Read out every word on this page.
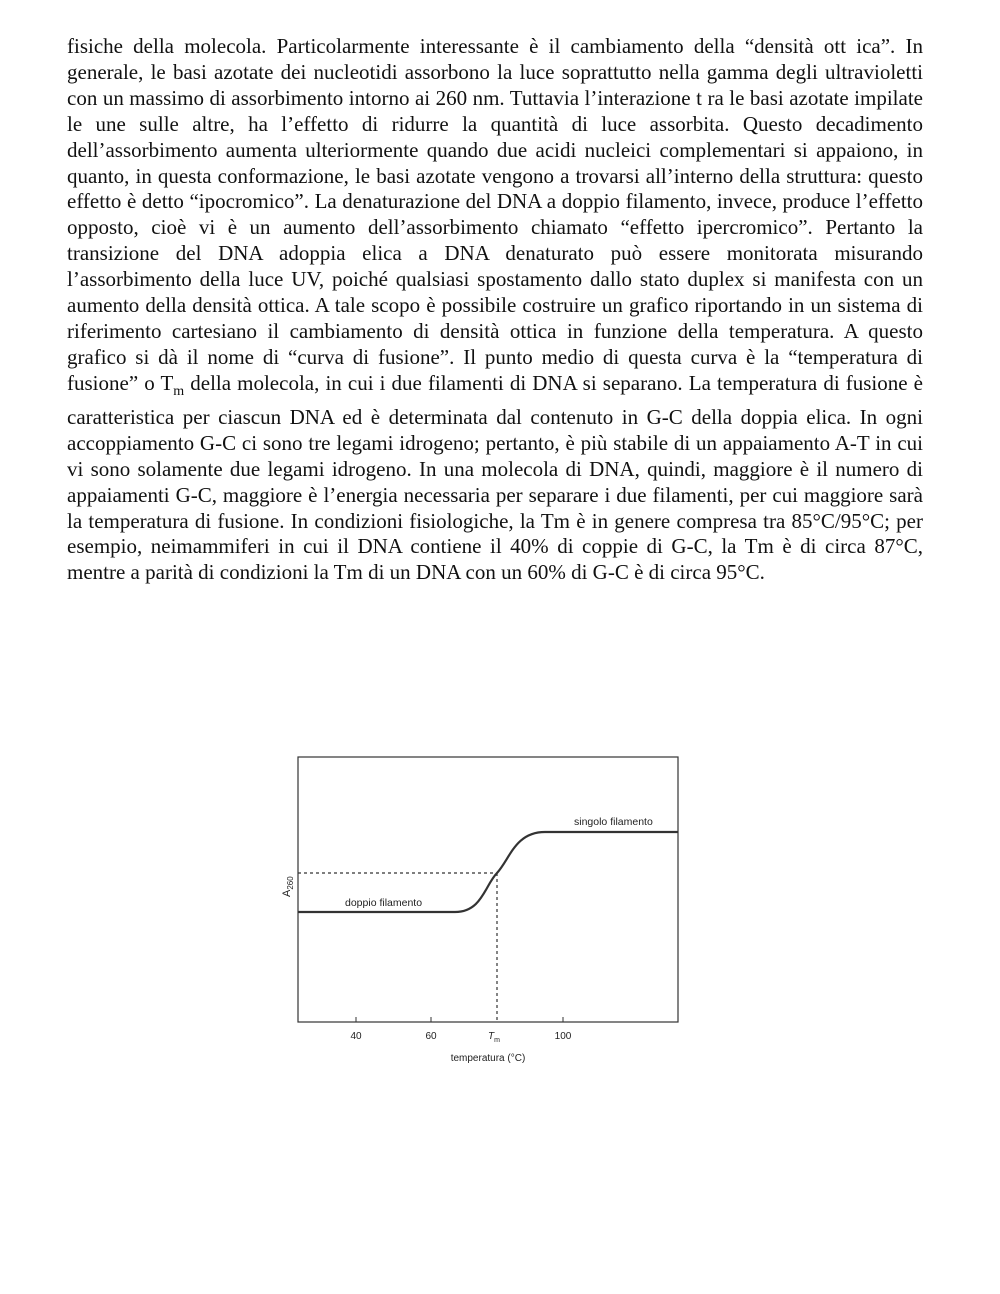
fisiche della molecola. Particolarmente interessante è il cambiamento della “densità ott ica”. In generale, le basi azotate dei nucleotidi assorbono la luce soprattutto nella gamma degli ultravioletti con un massimo di assorbimento intorno ai 260 nm. Tuttavia l’interazione t ra le basi azotate impilate le une sulle altre, ha l’effetto di ridurre la quantità di luce assorbita. Questo decadimento dell’assorbimento aumenta ulteriormente quando due acidi nucleici complementari si appaiono, in quanto, in questa conformazione, le basi azotate vengono a trovarsi all’interno della struttura: questo effetto è detto “ipocromico”. La denaturazione del DNA a doppio filamento, invece, produce l’effetto opposto, cioè vi è un aumento dell’assorbimento chiamato “effetto ipercromico”. Pertanto la transizione del DNA adoppia elica a DNA denaturato può essere monitorata misurando l’assorbimento della luce UV, poiché qualsiasi spostamento dallo stato duplex si manifesta con un aumento della densità ottica. A tale scopo è possibile costruire un grafico riportando in un sistema di riferimento cartesiano il cambiamento di densità ottica in funzione della temperatura. A questo grafico si dà il nome di “curva di fusione”. Il punto medio di questa curva è la “temperatura di fusione” o $T_m$ della molecola, in cui i due filamenti di DNA si separano. La temperatura di fusione è caratteristica per ciascun DNA ed è determinata dal contenuto in G-C della doppia elica. In ogni accoppiamento G-C ci sono tre legami idrogeno; pertanto, è più stabile di un appaiamento A-T in cui vi sono solamente due legami idrogeno. In una molecola di DNA, quindi, maggiore è il numero di appaiamenti G-C, maggiore è l’energia necessaria per separare i due filamenti, per cui maggiore sarà la temperatura di fusione. In condizioni fisiologiche, la Tm è in genere compresa tra 85°C/95°C; per esempio, neimammiferi in cui il DNA contiene il 40% di coppie di G-C, la Tm è di circa 87°C, mentre a parità di condizioni la Tm di un DNA con un 60% di G-C è di circa 95°C.

doppio filamento
singolo filamento
$A_{260}$
40	60	100
$T_m$
temperatura (°C)
